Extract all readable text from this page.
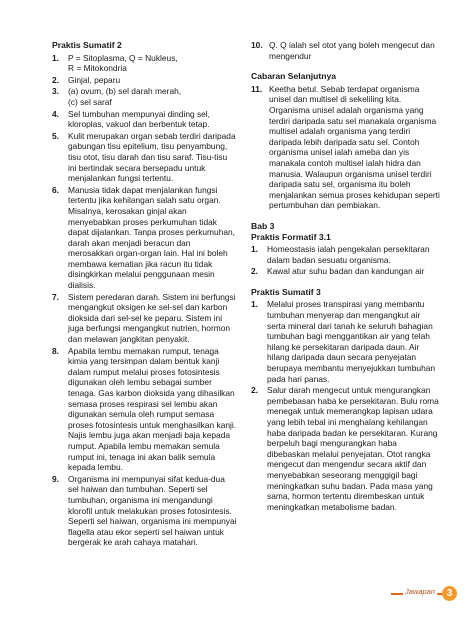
Praktis Sumatif 2
1.	P = Sitoplasma, Q = Nukleus,
R = Mitokondria
2.	Ginjal, peparu
3.	(a) ovum, (b) sel darah merah,
(c) sel saraf
4.	Sel tumbuhan mempunyai dinding sel, kloroplas, vakuol dan berbentuk tetap.
5.	Kulit merupakan organ sebab terdiri daripada gabungan tisu epitelium, tisu penyambung, tisu otot, tisu darah dan tisu saraf. Tisu-tisu ini bertindak secara bersepadu untuk menjalankan fungsi tertentu.
6.	Manusia tidak dapat menjalankan fungsi tertentu jika kehilangan salah satu organ. Misalnya, kerosakan ginjal akan menyebabkan proses perkumuhan tidak dapat dijalankan. Tanpa proses perkumuhan, darah akan menjadi beracun dan merosakkan organ-organ lain. Hal ini boleh membawa kematian jika racun itu tidak disingkirkan melalui penggunaan mesin dialisis.
7.	Sistem peredaran darah. Sistem ini berfungsi mengangkut oksigen ke sel-sel dan karbon dioksida dari sel-sel ke peparu. Sistem ini juga berfungsi mengangkut nutrien, hormon dan melawan jangkitan penyakit.
8.	Apabila lembu memakan rumput, tenaga kimia yang tersimpan dalam bentuk kanji dalam rumput melalui proses fotosintesis digunakan oleh lembu sebagai sumber tenaga. Gas karbon dioksida yang dihasilkan semasa proses respirasi sel lembu akan digunakan semula oleh rumput semasa proses fotosintesis untuk menghasilkan kanji. Najis lembu juga akan menjadi baja kepada rumput. Apabila lembu memakan semula rumput ini, tenaga ini akan balik semula kepada lembu.
9.	Organisma ini mempunyai sifat kedua-dua sel haiwan dan tumbuhan. Seperti sel tumbuhan, organisma ini mengandungi klorofil untuk melakukan proses fotosintesis. Seperti sel haiwan, organisma ini mempunyai flagella atau ekor seperti sel haiwan untuk bergerak ke arah cahaya matahari.
10. Q. Q ialah sel otot yang boleh mengecut dan mengendur
Cabaran Selanjutnya
11. Keetha betul. Sebab terdapat organisma unisel dan multisel di sekeliling kita. Organisma unisel adalah organisma yang terdiri daripada satu sel manakala organisma multisel adalah organisma yang terdiri daripada lebih daripada satu sel. Contoh organisma unisel ialah ameba dan yis manakala contoh multisel ialah hidra dan manusia. Walaupun organisma unisel terdiri daripada satu sel, organisma itu boleh menjalankan semua proses kehidupan seperti pertumbuhan dan pembiakan.
Bab 3
Praktis Formatif 3.1
1.	Homeostasis ialah pengekalan persekitaran dalam badan sesuatu organisma.
2.	Kawal atur suhu badan dan kandungan air
Praktis Sumatif 3
1.	Melalui proses transpirasi yang membantu tumbuhan menyerap dan mengangkut air serta mineral dari tanah ke seluruh bahagian tumbuhan bagi menggantikan air yang telah hilang ke persekitaran daripada daun. Air hilang daripada daun secara penyejatan berupaya membantu menyejukkan tumbuhan pada hari panas.
2.	Salur darah mengecut untuk mengurangkan pembebasan haba ke persekitaran. Bulu roma menegak untuk memerangkap lapisan udara yang lebih tebal ini menghalang kehilangan haba daripada badan ke persekitaran. Kurang berpeluh bagi mengurangkan haba dibebaskan melalui penyejatan. Otot rangka mengecut dan mengendur secara aktif dan menyebabkan seseorang menggigil bagi meningkatkan suhu badan. Pada masa yang sama, hormon tertentu dirembeskan untuk meningkatkan metabolisme badan.
Jawapan	3
